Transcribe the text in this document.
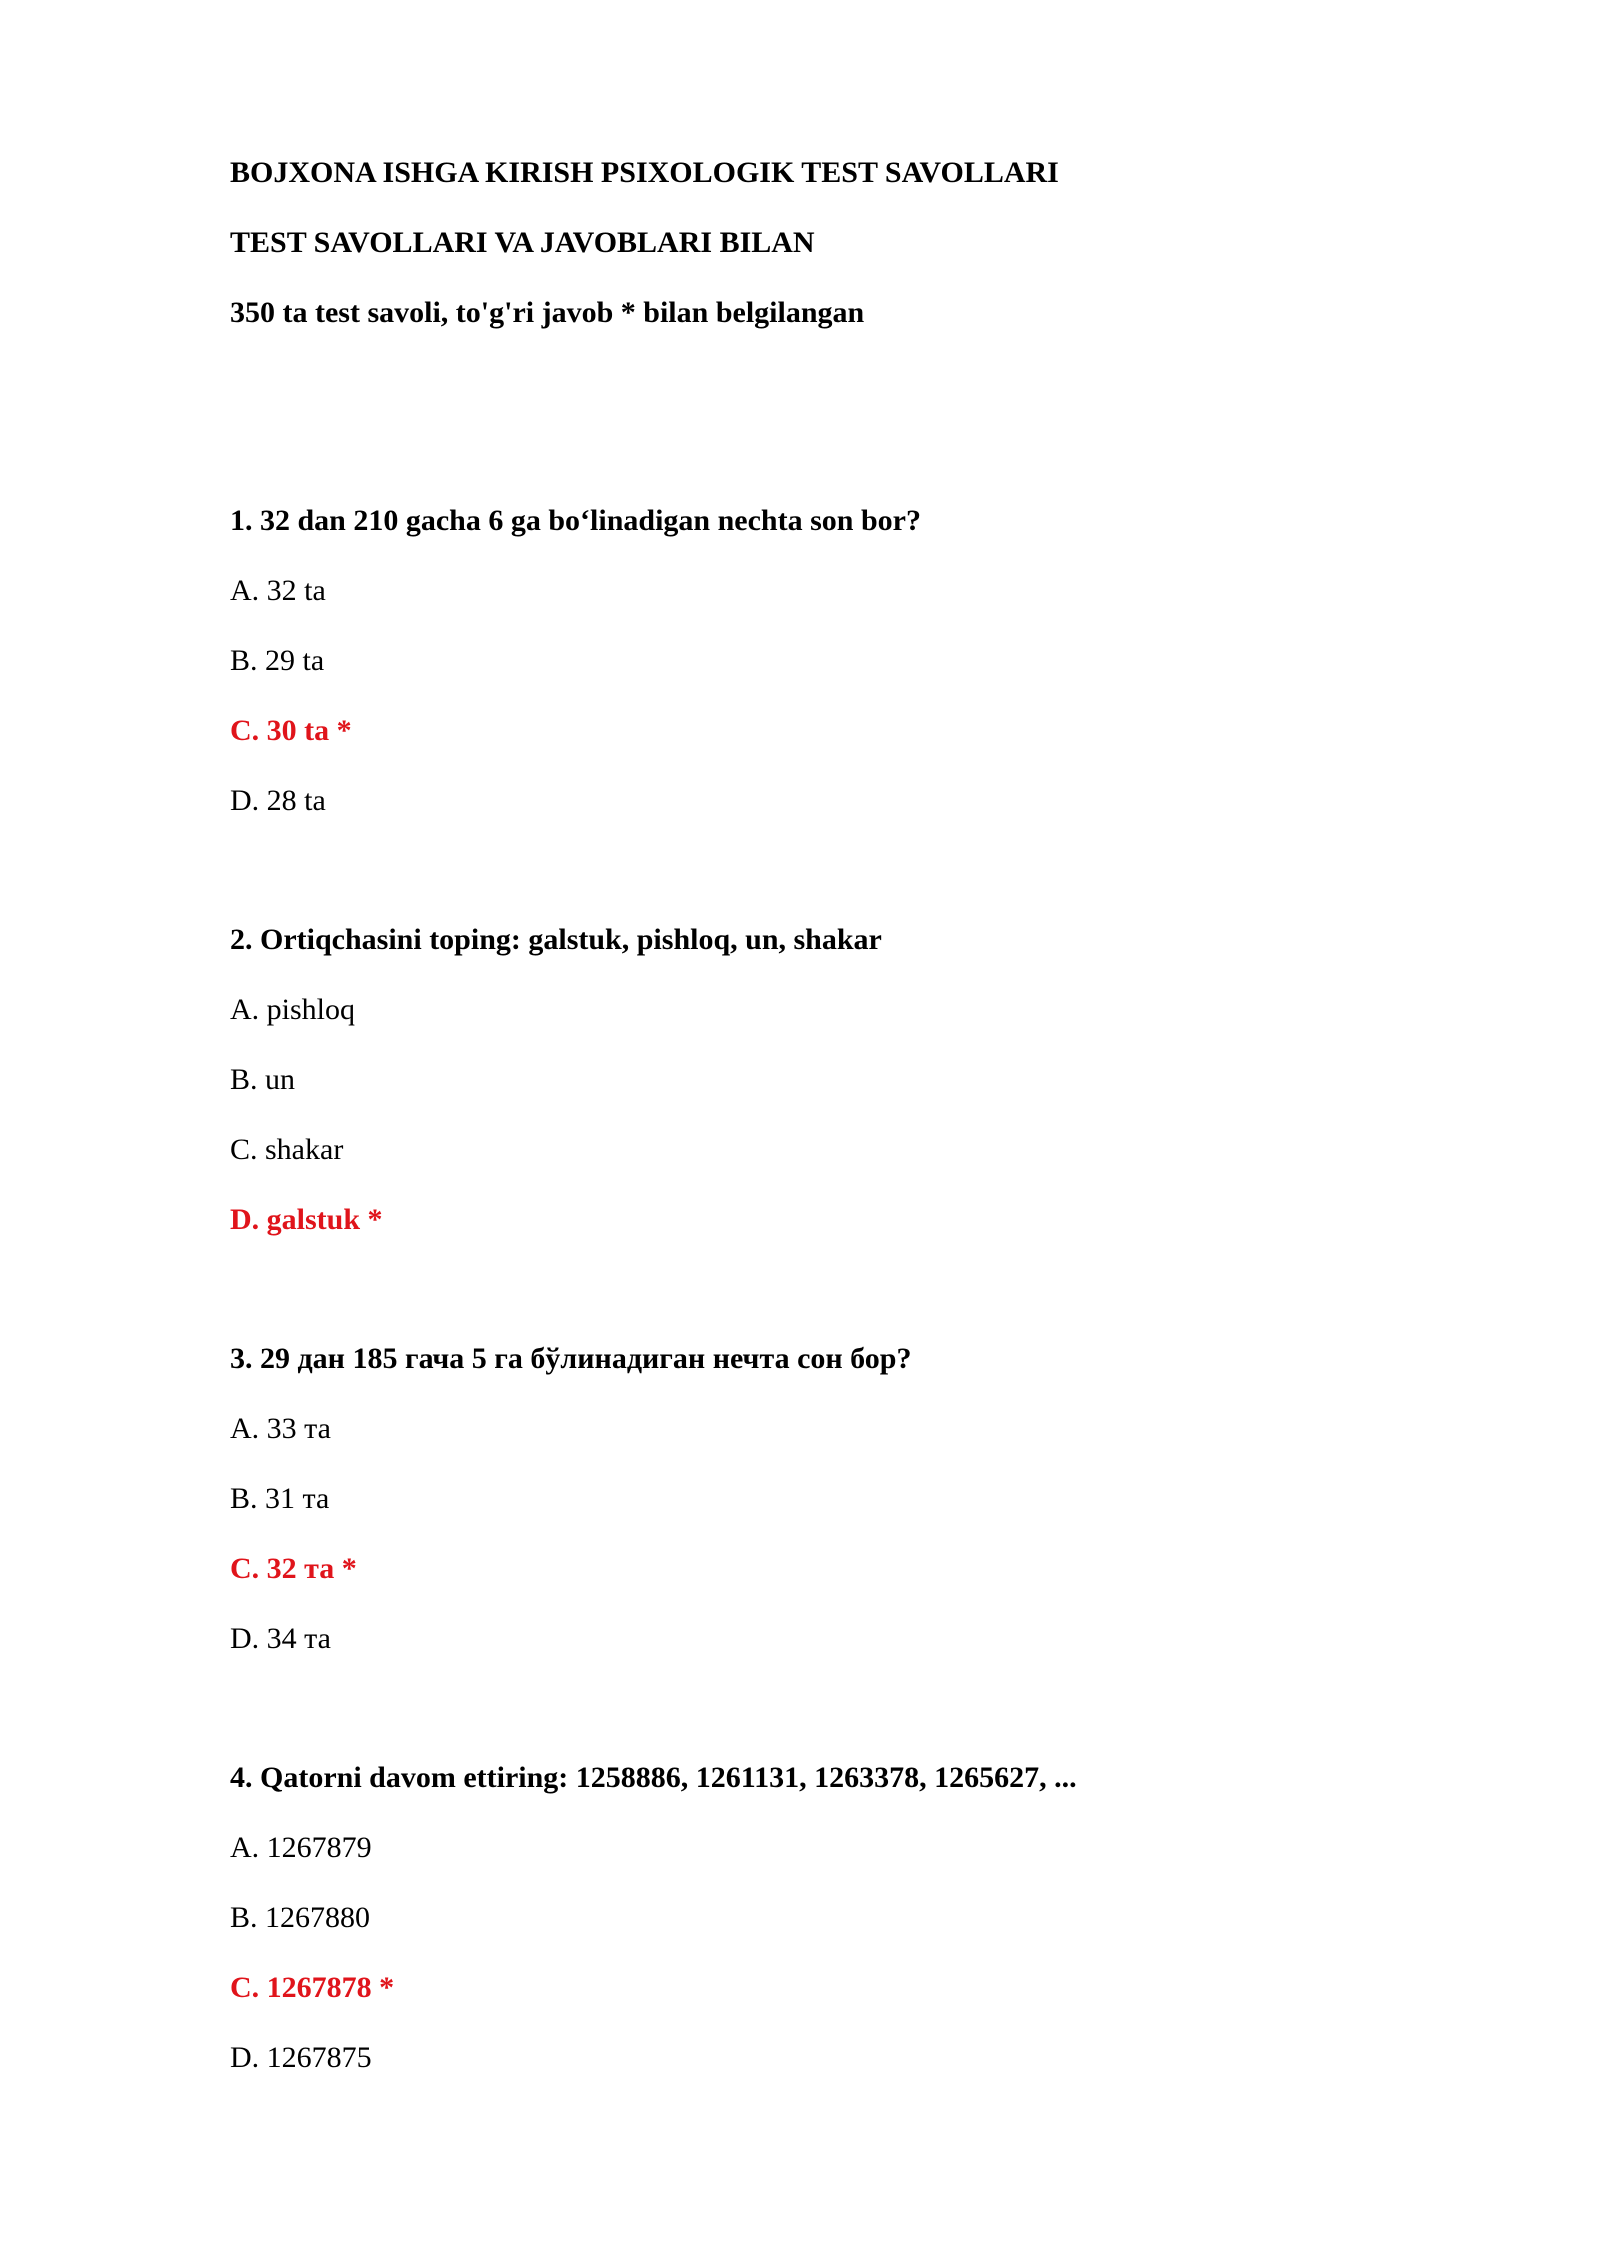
BOJXONA ISHGA KIRISH PSIXOLOGIK TEST SAVOLLARI
TEST SAVOLLARI VA JAVOBLARI BILAN
350 ta test savoli, to'g'ri javob * bilan belgilangan
1. 32 dan 210 gacha 6 ga bo‘linadigan nechta son bor?
A. 32 ta
B. 29 ta
C. 30 ta *
D. 28 ta
2. Ortiqchasini toping: galstuk, pishloq, un, shakar
A. pishloq
B. un
C. shakar
D. galstuk *
3. 29 дан 185 гача 5 га бўлинадиган нечта сон бор?
A. 33 та
B. 31 та
C. 32 та *
D. 34 та
4. Qatorni davom ettiring: 1258886, 1261131, 1263378, 1265627, ...
A. 1267879
B. 1267880
C. 1267878 *
D. 1267875
